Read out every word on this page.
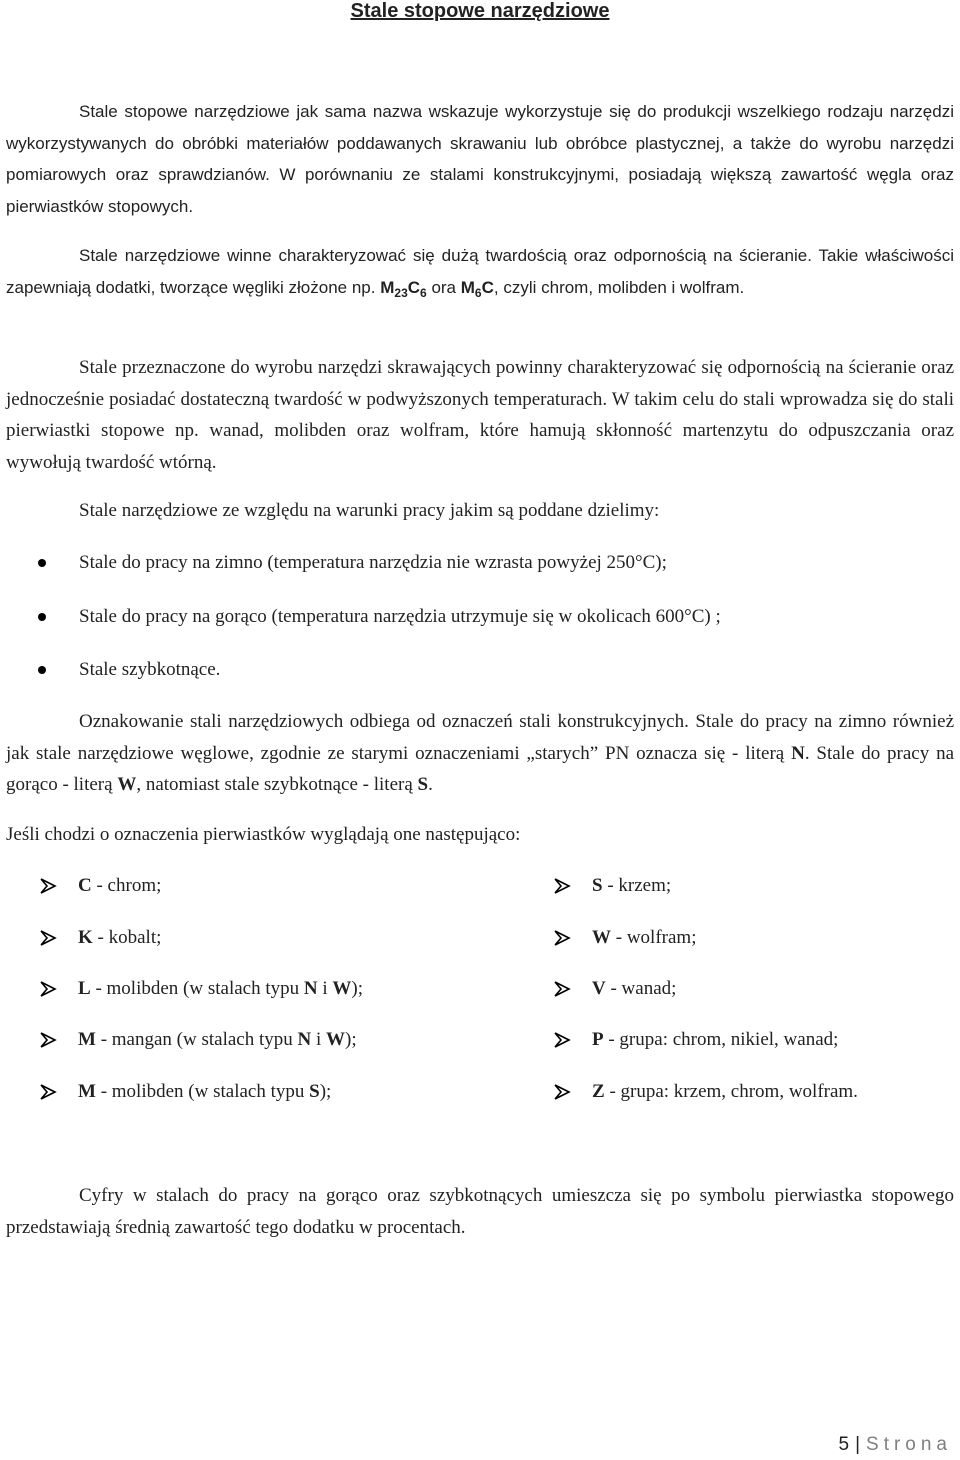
Stale stopowe narzędziowe
Stale stopowe narzędziowe jak sama nazwa wskazuje wykorzystuje się do produkcji wszelkiego rodzaju narzędzi wykorzystywanych do obróbki materiałów poddawanych skrawaniu lub obróbce plastycznej, a także do wyrobu narzędzi pomiarowych oraz sprawdzianów. W porównaniu ze stalami konstrukcyjnymi, posiadają większą zawartość węgla oraz pierwiastków stopowych.
Stale narzędziowe winne charakteryzować się dużą twardością oraz odpornością na ścieranie. Takie właściwości zapewniają dodatki, tworzące węgliki złożone np. $M_{23}C_6$ ora $M_6C$, czyli chrom, molibden i wolfram.
Stale przeznaczone do wyrobu narzędzi skrawających powinny charakteryzować się odpornością na ścieranie oraz jednocześnie posiadać dostateczną twardość w podwyższonych temperaturach. W takim celu do stali wprowadza się do stali pierwiastki stopowe np. wanad, molibden oraz wolfram, które hamują skłonność martenzytu do odpuszczania oraz wywołują twardość wtórną.
Stale narzędziowe ze względu na warunki pracy jakim są poddane dzielimy:
Stale do pracy na zimno (temperatura narzędzia nie wzrasta powyżej 250°C);
Stale do pracy na gorąco (temperatura narzędzia utrzymuje się w okolicach 600°C) ;
Stale szybkotnące.
Oznakowanie stali narzędziowych odbiega od oznaczeń stali konstrukcyjnych. Stale do pracy na zimno również jak stale narzędziowe węglowe, zgodnie ze starymi oznaczeniami „starych” PN oznacza się - literą N. Stale do pracy na gorąco - literą W, natomiast stale szybkotnące - literą S.
Jeśli chodzi o oznaczenia pierwiastków wyglądają one następująco:
C - chrom;
K - kobalt;
L - molibden (w stalach typu N i W);
M - mangan (w stalach typu N i W);
M - molibden (w stalach typu S);
S - krzem;
W - wolfram;
V - wanad;
P - grupa: chrom, nikiel, wanad;
Z - grupa: krzem, chrom, wolfram.
Cyfry w stalach do pracy na gorąco oraz szybkotnących umieszcza się po symbolu pierwiastka stopowego przedstawiają średnią zawartość tego dodatku w procentach.
5 | Strona
